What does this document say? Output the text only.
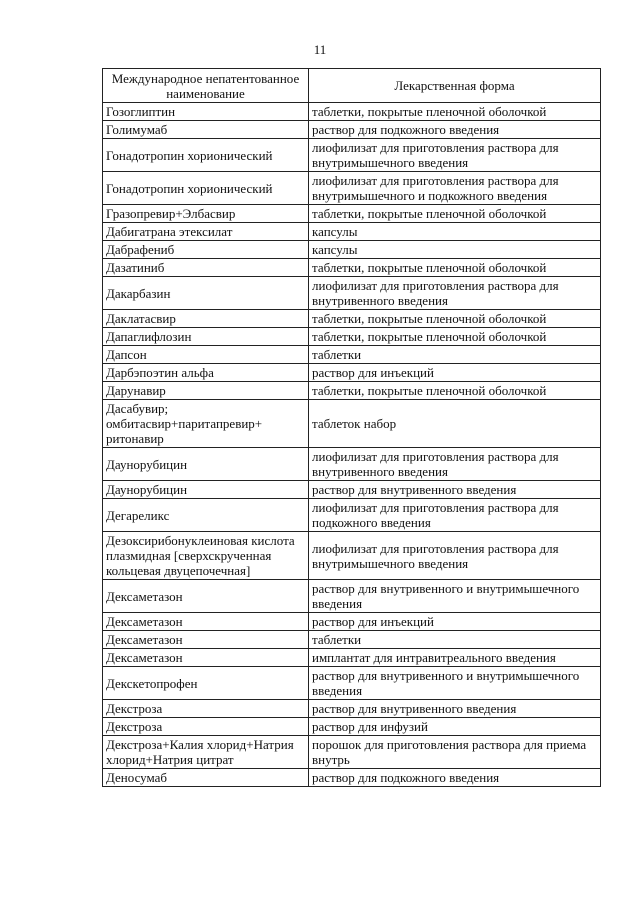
11
Международное непатентованное наименование	Лекарственная форма
Гозоглиптин	таблетки, покрытые пленочной оболочкой
Голимумаб	раствор для подкожного введения
Гонадотропин хорионический	лиофилизат для приготовления раствора для внутримышечного введения
Гонадотропин хорионический	лиофилизат для приготовления раствора для внутримышечного и подкожного введения
Гразопревир+Элбасвир	таблетки, покрытые пленочной оболочкой
Дабигатрана этексилат	капсулы
Дабрафениб	капсулы
Дазатиниб	таблетки, покрытые пленочной оболочкой
Дакарбазин	лиофилизат для приготовления раствора для внутривенного введения
Даклатасвир	таблетки, покрытые пленочной оболочкой
Дапаглифлозин	таблетки, покрытые пленочной оболочкой
Дапсон	таблетки
Дарбэпоэтин альфа	раствор для инъекций
Дарунавир	таблетки, покрытые пленочной оболочкой
Дасабувир; омбитасвир+паритапревир+ ритонавир	таблеток набор
Даунорубицин	лиофилизат для приготовления раствора для внутривенного введения
Даунорубицин	раствор для внутривенного введения
Дегареликс	лиофилизат для приготовления раствора для подкожного введения
Дезоксирибонуклеиновая кислота плазмидная [сверхскрученная кольцевая двуцепочечная]	лиофилизат для приготовления раствора для внутримышечного введения
Дексаметазон	раствор для внутривенного и внутримышечного введения
Дексаметазон	раствор для инъекций
Дексаметазон	таблетки
Дексаметазон	имплантат для интравитреального введения
Декскетопрофен	раствор для внутривенного и внутримышечного введения
Декстроза	раствор для внутривенного введения
Декстроза	раствор для инфузий
Декстроза+Калия хлорид+Натрия хлорид+Натрия цитрат	порошок для приготовления раствора для приема внутрь
Деносумаб	раствор для подкожного введения
